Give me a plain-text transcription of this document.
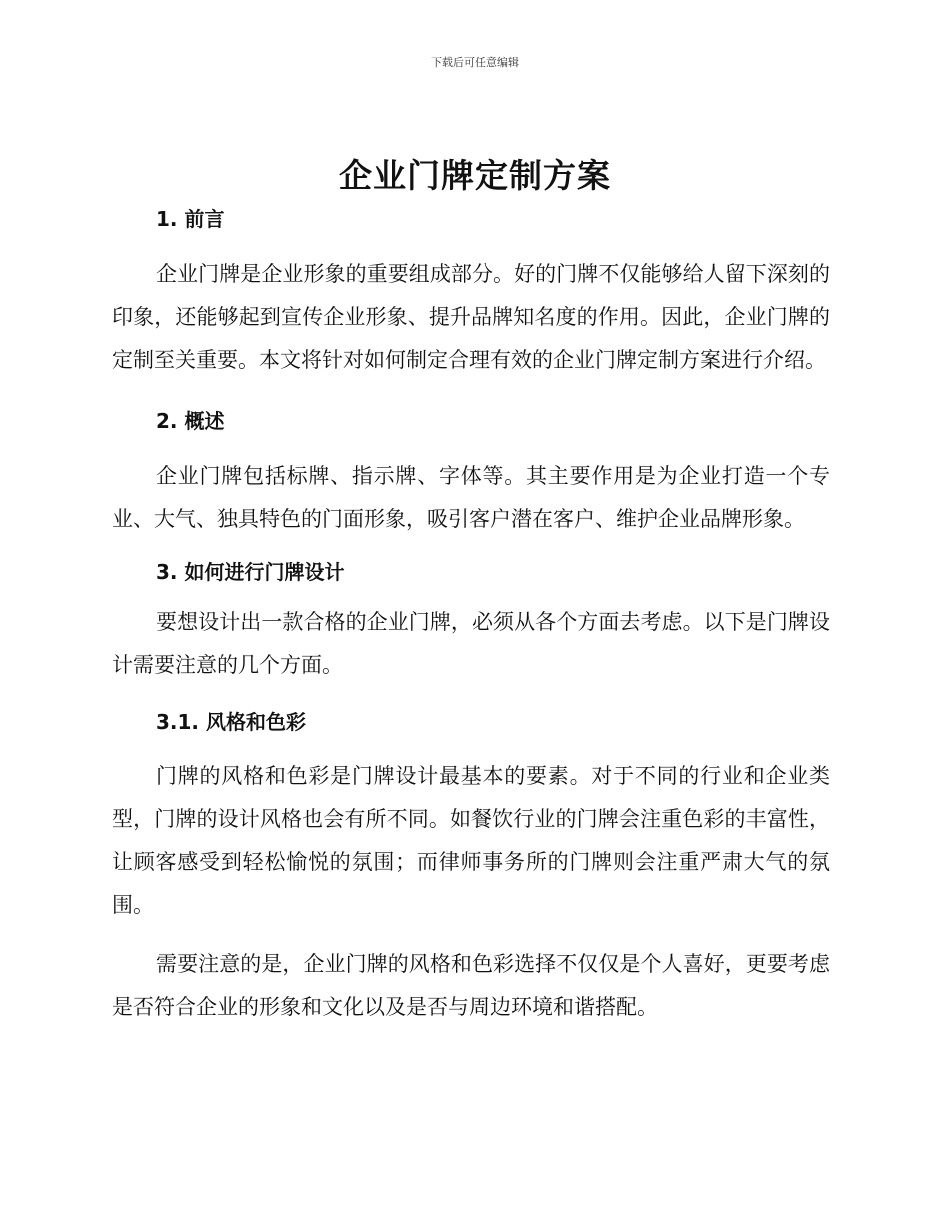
下载后可任意编辑
企业门牌定制方案
1. 前言

企业门牌是企业形象的重要组成部分。好的门牌不仅能够给人留下深刻的印象，还能够起到宣传企业形象、提升品牌知名度的作用。因此，企业门牌的定制至关重要。本文将针对如何制定合理有效的企业门牌定制方案进行介绍。

2. 概述

企业门牌包括标牌、指示牌、字体等。其主要作用是为企业打造一个专业、大气、独具特色的门面形象，吸引客户潜在客户、维护企业品牌形象。

3. 如何进行门牌设计

要想设计出一款合格的企业门牌，必须从各个方面去考虑。以下是门牌设计需要注意的几个方面。

3.1. 风格和色彩

门牌的风格和色彩是门牌设计最基本的要素。对于不同的行业和企业类型，门牌的设计风格也会有所不同。如餐饮行业的门牌会注重色彩的丰富性，让顾客感受到轻松愉悦的氛围；而律师事务所的门牌则会注重严肃大气的氛围。

需要注意的是，企业门牌的风格和色彩选择不仅仅是个人喜好，更要考虑是否符合企业的形象和文化以及是否与周边环境和谐搭配。
